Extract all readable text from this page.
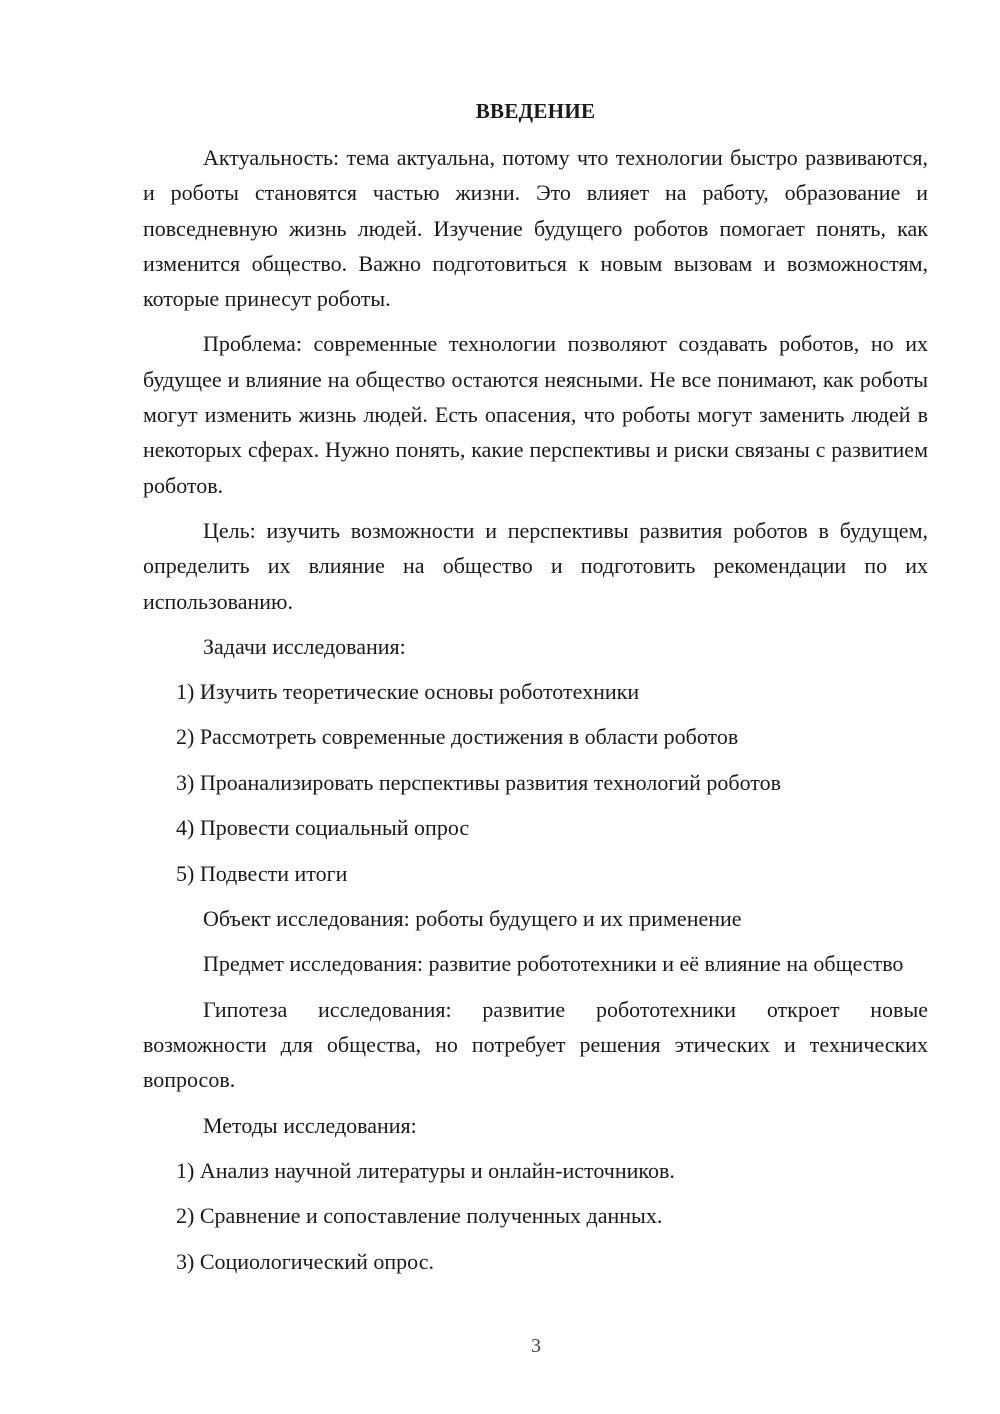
ВВЕДЕНИЕ

Актуальность: тема актуальна, потому что технологии быстро развиваются, и роботы становятся частью жизни. Это влияет на работу, образование и повседневную жизнь людей. Изучение будущего роботов помогает понять, как изменится общество. Важно подготовиться к новым вызовам и возможностям, которые принесут роботы.

Проблема: современные технологии позволяют создавать роботов, но их будущее и влияние на общество остаются неясными. Не все понимают, как роботы могут изменить жизнь людей. Есть опасения, что роботы могут заменить людей в некоторых сферах. Нужно понять, какие перспективы и риски связаны с развитием роботов.

Цель: изучить возможности и перспективы развития роботов в будущем, определить их влияние на общество и подготовить рекомендации по их использованию.

Задачи исследования:

1) Изучить теоретические основы робототехники
2) Рассмотреть современные достижения в области роботов
3) Проанализировать перспективы развития технологий роботов
4) Провести социальный опрос
5) Подвести итоги

Объект исследования: роботы будущего и их применение

Предмет исследования: развитие робототехники и её влияние на общество

Гипотеза исследования: развитие робототехники откроет новые возможности для общества, но потребует решения этических и технических вопросов.

Методы исследования:

1) Анализ научной литературы и онлайн-источников.
2) Сравнение и сопоставление полученных данных.
3) Социологический опрос.
3
